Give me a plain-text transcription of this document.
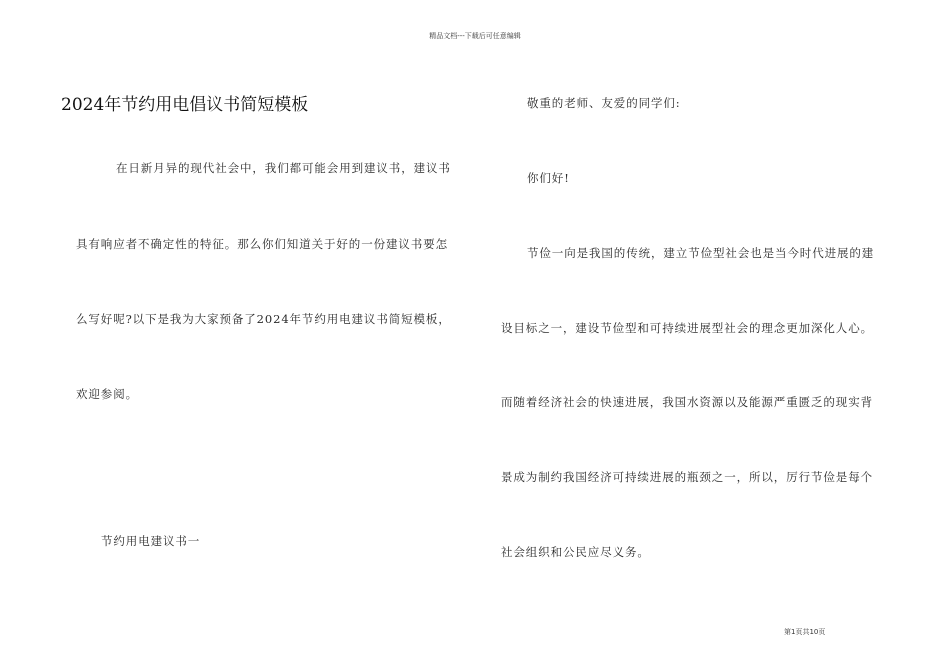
精品文档---下载后可任意编辑
2024年节约用电倡议书简短模板
在日新月异的现代社会中，我们都可能会用到建议书，建议书
具有响应者不确定性的特征。那么你们知道关于好的一份建议书要怎
么写好呢?以下是我为大家预备了2024年节约用电建议书简短模板，
欢迎参阅。
节约用电建议书一
敬重的老师、友爱的同学们:
你们好!
节俭一向是我国的传统，建立节俭型社会也是当今时代进展的建
设目标之一，建设节俭型和可持续进展型社会的理念更加深化人心。
而随着经济社会的快速进展，我国水资源以及能源严重匮乏的现实背
景成为制约我国经济可持续进展的瓶颈之一，所以，厉行节俭是每个
社会组织和公民应尽义务。
第1页共10页
